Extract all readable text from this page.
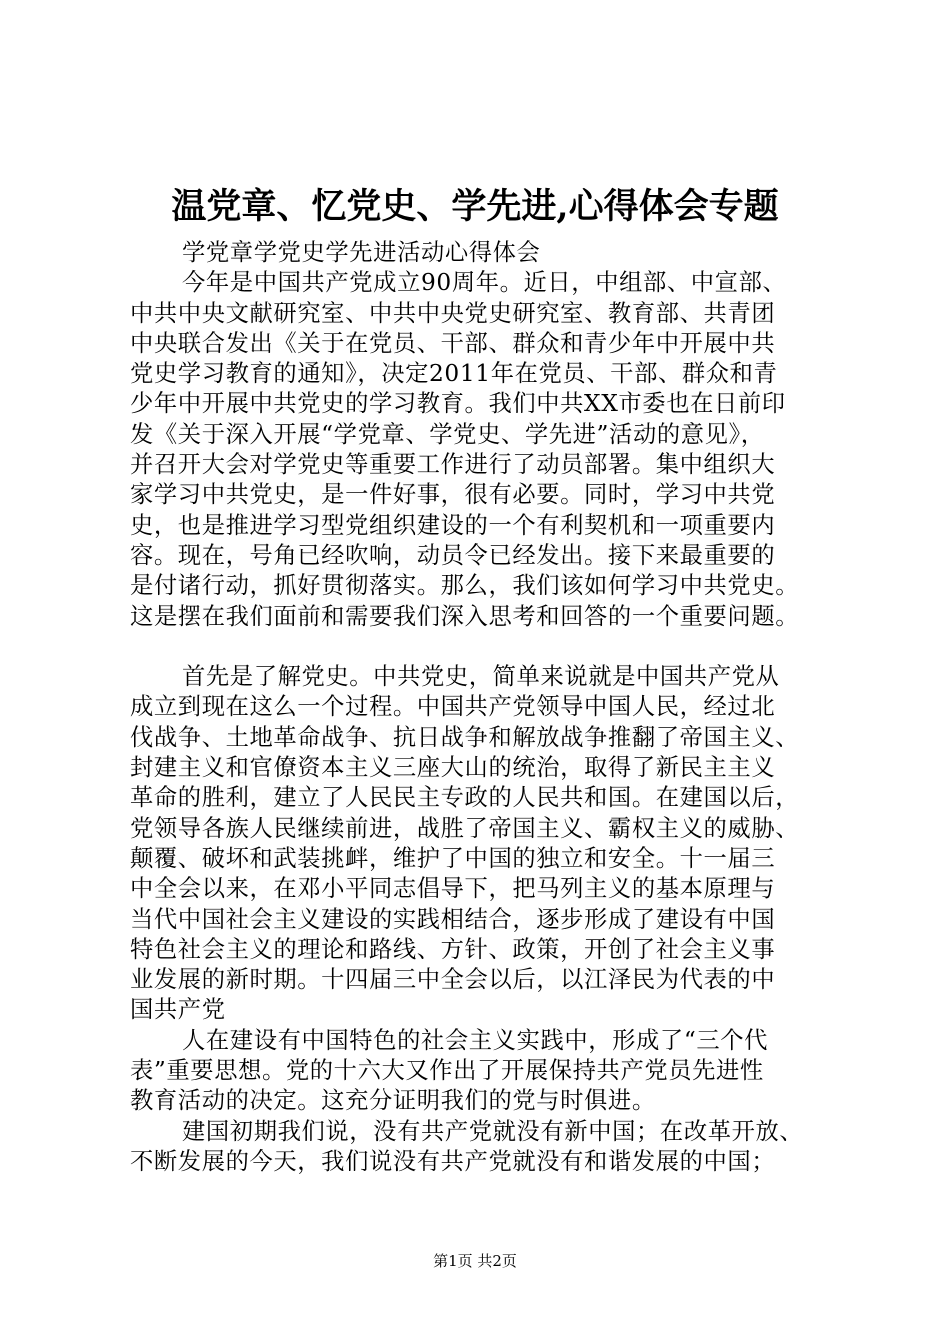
温党章、忆党史、学先进,心得体会专题
学党章学党史学先进活动心得体会
今年是中国共产党成立90周年。近日，中组部、中宣部、
中共中央文献研究室、中共中央党史研究室、教育部、共青团
中央联合发出《关于在党员、干部、群众和青少年中开展中共
党史学习教育的通知》，决定2011年在党员、干部、群众和青
少年中开展中共党史的学习教育。我们中共XX市委也在日前印
发《关于深入开展“学党章、学党史、学先进”活动的意见》，
并召开大会对学党史等重要工作进行了动员部署。集中组织大
家学习中共党史，是一件好事，很有必要。同时，学习中共党
史，也是推进学习型党组织建设的一个有利契机和一项重要内
容。现在，号角已经吹响，动员令已经发出。接下来最重要的
是付诸行动，抓好贯彻落实。那么，我们该如何学习中共党史。
这是摆在我们面前和需要我们深入思考和回答的一个重要问题。
首先是了解党史。中共党史，简单来说就是中国共产党从
成立到现在这么一个过程。中国共产党领导中国人民，经过北
伐战争、土地革命战争、抗日战争和解放战争推翻了帝国主义、
封建主义和官僚资本主义三座大山的统治，取得了新民主主义
革命的胜利，建立了人民民主专政的人民共和国。在建国以后，
党领导各族人民继续前进，战胜了帝国主义、霸权主义的威胁、
颠覆、破坏和武装挑衅，维护了中国的独立和安全。十一届三
中全会以来，在邓小平同志倡导下，把马列主义的基本原理与
当代中国社会主义建设的实践相结合，逐步形成了建设有中国
特色社会主义的理论和路线、方针、政策，开创了社会主义事
业发展的新时期。十四届三中全会以后，以江泽民为代表的中
国共产党
人在建设有中国特色的社会主义实践中，形成了“三个代
表”重要思想。党的十六大又作出了开展保持共产党员先进性
教育活动的决定。这充分证明我们的党与时俱进。
建国初期我们说，没有共产党就没有新中国；在改革开放、
不断发展的今天，我们说没有共产党就没有和谐发展的中国；
第1页 共2页
